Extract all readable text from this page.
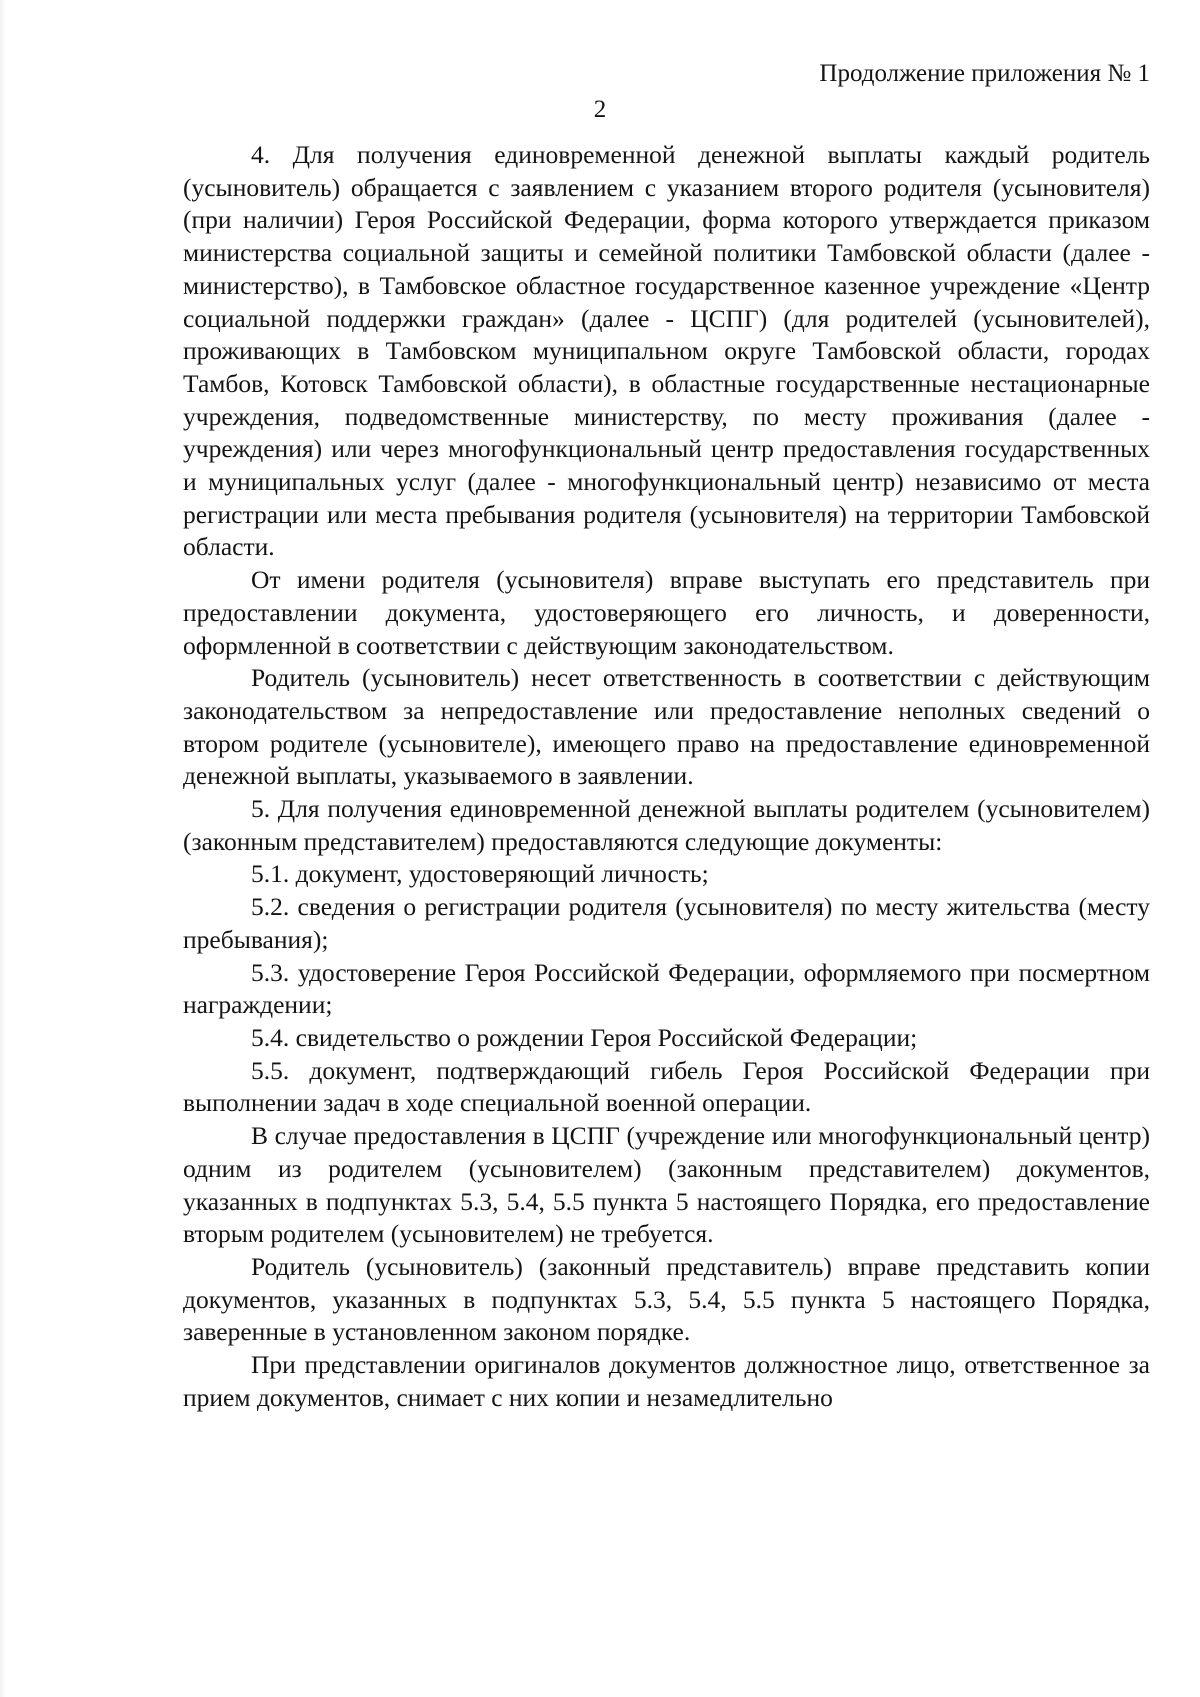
Продолжение приложения № 1
2

4. Для получения единовременной денежной выплаты каждый родитель (усыновитель) обращается с заявлением с указанием второго родителя (усыновителя) (при наличии) Героя Российской Федерации, форма которого утверждается приказом министерства социальной защиты и семейной политики Тамбовской области (далее - министерство), в Тамбовское областное государственное казенное учреждение «Центр социальной поддержки граждан» (далее - ЦСПГ) (для родителей (усыновителей), проживающих в Тамбовском муниципальном округе Тамбовской области, городах Тамбов, Котовск Тамбовской области), в областные государственные нестационарные учреждения, подведомственные министерству, по месту проживания (далее - учреждения) или через многофункциональный центр предоставления государственных и муниципальных услуг (далее - многофункциональный центр) независимо от места регистрации или места пребывания родителя (усыновителя) на территории Тамбовской области.

От имени родителя (усыновителя) вправе выступать его представитель при предоставлении документа, удостоверяющего его личность, и доверенности, оформленной в соответствии с действующим законодательством.

Родитель (усыновитель) несет ответственность в соответствии с действующим законодательством за непредоставление или предоставление неполных сведений о втором родителе (усыновителе), имеющего право на предоставление единовременной денежной выплаты, указываемого в заявлении.

5. Для получения единовременной денежной выплаты родителем (усыновителем) (законным представителем) предоставляются следующие документы:

5.1. документ, удостоверяющий личность;

5.2. сведения о регистрации родителя (усыновителя) по месту жительства (месту пребывания);

5.3. удостоверение Героя Российской Федерации, оформляемого при посмертном награждении;

5.4. свидетельство о рождении Героя Российской Федерации;

5.5. документ, подтверждающий гибель Героя Российской Федерации при выполнении задач в ходе специальной военной операции.

В случае предоставления в ЦСПГ (учреждение или многофункциональный центр) одним из родителем (усыновителем) (законным представителем) документов, указанных в подпунктах 5.3, 5.4, 5.5 пункта 5 настоящего Порядка, его предоставление вторым родителем (усыновителем) не требуется.

Родитель (усыновитель) (законный представитель) вправе представить копии документов, указанных в подпунктах 5.3, 5.4, 5.5 пункта 5 настоящего Порядка, заверенные в установленном законом порядке.

При представлении оригиналов документов должностное лицо, ответственное за прием документов, снимает с них копии и незамедлительно
